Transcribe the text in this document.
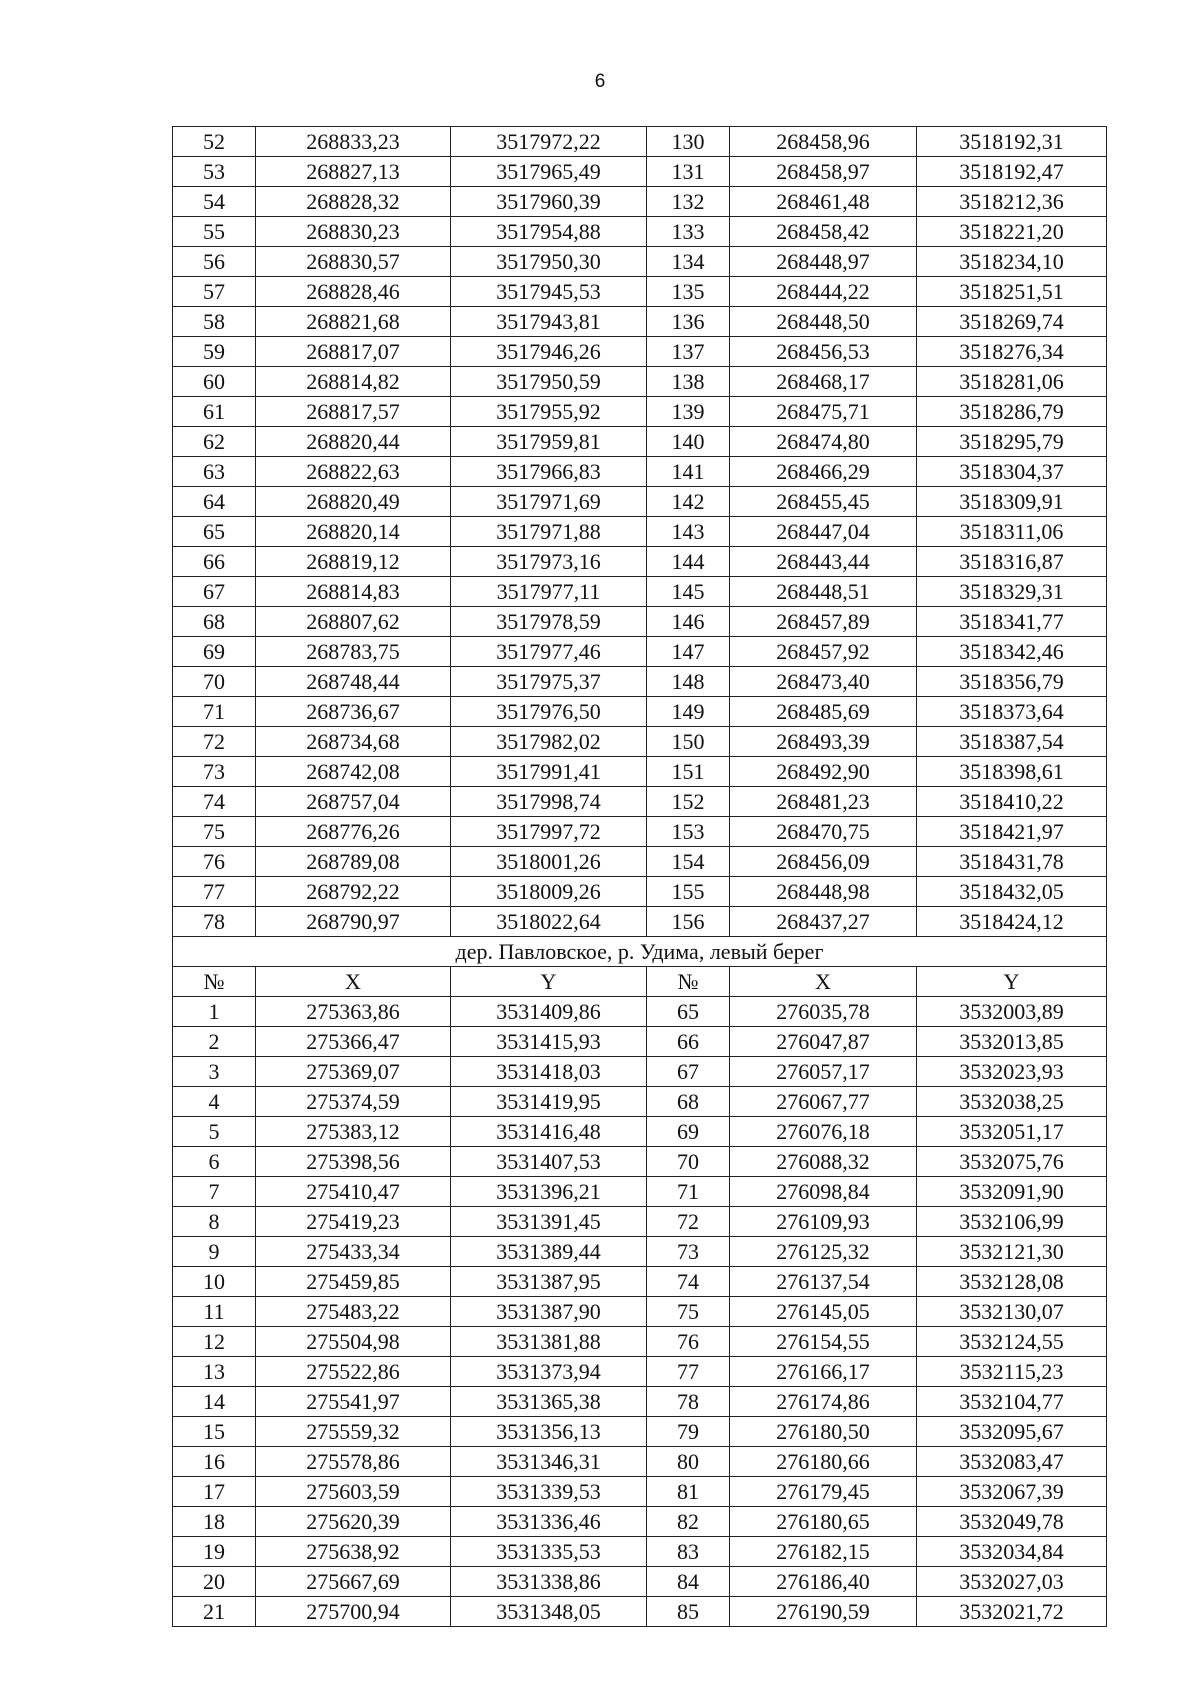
6
52	268833,23	3517972,22	130	268458,96	3518192,31
53	268827,13	3517965,49	131	268458,97	3518192,47
54	268828,32	3517960,39	132	268461,48	3518212,36
55	268830,23	3517954,88	133	268458,42	3518221,20
56	268830,57	3517950,30	134	268448,97	3518234,10
57	268828,46	3517945,53	135	268444,22	3518251,51
58	268821,68	3517943,81	136	268448,50	3518269,74
59	268817,07	3517946,26	137	268456,53	3518276,34
60	268814,82	3517950,59	138	268468,17	3518281,06
61	268817,57	3517955,92	139	268475,71	3518286,79
62	268820,44	3517959,81	140	268474,80	3518295,79
63	268822,63	3517966,83	141	268466,29	3518304,37
64	268820,49	3517971,69	142	268455,45	3518309,91
65	268820,14	3517971,88	143	268447,04	3518311,06
66	268819,12	3517973,16	144	268443,44	3518316,87
67	268814,83	3517977,11	145	268448,51	3518329,31
68	268807,62	3517978,59	146	268457,89	3518341,77
69	268783,75	3517977,46	147	268457,92	3518342,46
70	268748,44	3517975,37	148	268473,40	3518356,79
71	268736,67	3517976,50	149	268485,69	3518373,64
72	268734,68	3517982,02	150	268493,39	3518387,54
73	268742,08	3517991,41	151	268492,90	3518398,61
74	268757,04	3517998,74	152	268481,23	3518410,22
75	268776,26	3517997,72	153	268470,75	3518421,97
76	268789,08	3518001,26	154	268456,09	3518431,78
77	268792,22	3518009,26	155	268448,98	3518432,05
78	268790,97	3518022,64	156	268437,27	3518424,12
дер. Павловское, р. Удима, левый берег					
№	X	Y	№	X	Y
1	275363,86	3531409,86	65	276035,78	3532003,89
2	275366,47	3531415,93	66	276047,87	3532013,85
3	275369,07	3531418,03	67	276057,17	3532023,93
4	275374,59	3531419,95	68	276067,77	3532038,25
5	275383,12	3531416,48	69	276076,18	3532051,17
6	275398,56	3531407,53	70	276088,32	3532075,76
7	275410,47	3531396,21	71	276098,84	3532091,90
8	275419,23	3531391,45	72	276109,93	3532106,99
9	275433,34	3531389,44	73	276125,32	3532121,30
10	275459,85	3531387,95	74	276137,54	3532128,08
11	275483,22	3531387,90	75	276145,05	3532130,07
12	275504,98	3531381,88	76	276154,55	3532124,55
13	275522,86	3531373,94	77	276166,17	3532115,23
14	275541,97	3531365,38	78	276174,86	3532104,77
15	275559,32	3531356,13	79	276180,50	3532095,67
16	275578,86	3531346,31	80	276180,66	3532083,47
17	275603,59	3531339,53	81	276179,45	3532067,39
18	275620,39	3531336,46	82	276180,65	3532049,78
19	275638,92	3531335,53	83	276182,15	3532034,84
20	275667,69	3531338,86	84	276186,40	3532027,03
21	275700,94	3531348,05	85	276190,59	3532021,72
